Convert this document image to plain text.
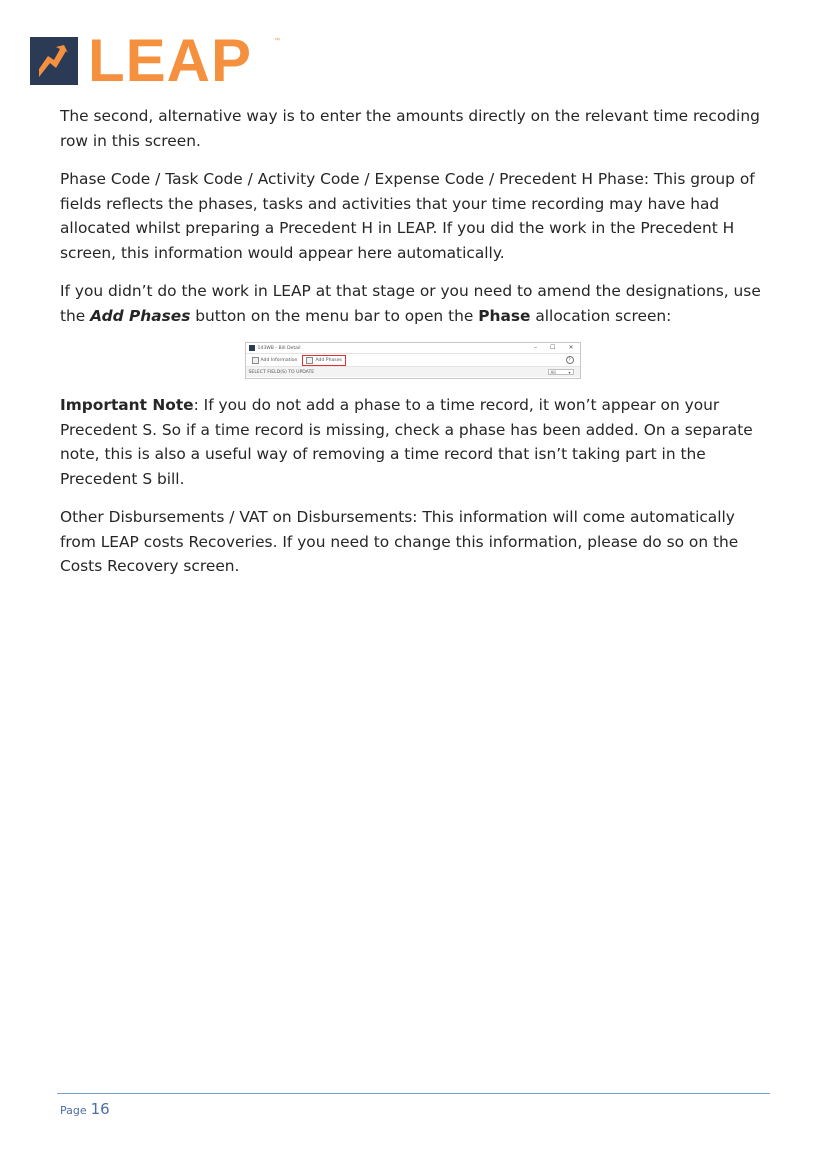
LEAP	™

The second, alternative way is to enter the amounts directly on the relevant time recoding row in this screen.

Phase Code / Task Code / Activity Code / Expense Code / Precedent H Phase: This group of fields reflects the phases, tasks and activities that your time recording may have had allocated whilst preparing a Precedent H in LEAP. If you did the work in the Precedent H screen, this information would appear here automatically.

If you didn’t do the work in LEAP at that stage or you need to amend the designations, use the Add Phases button on the menu bar to open the Phase allocation screen:

143WB - Bill Detail	– ☐ ✕
Add Information	Add Phases	?
SELECT FIELD(S) TO UPDATE	All	▾

Important Note: If you do not add a phase to a time record, it won’t appear on your Precedent S. So if a time record is missing, check a phase has been added. On a separate note, this is also a useful way of removing a time record that isn’t taking part in the Precedent S bill.

Other Disbursements / VAT on Disbursements: This information will come automatically from LEAP costs Recoveries. If you need to change this information, please do so on the Costs Recovery screen.

Page 16
